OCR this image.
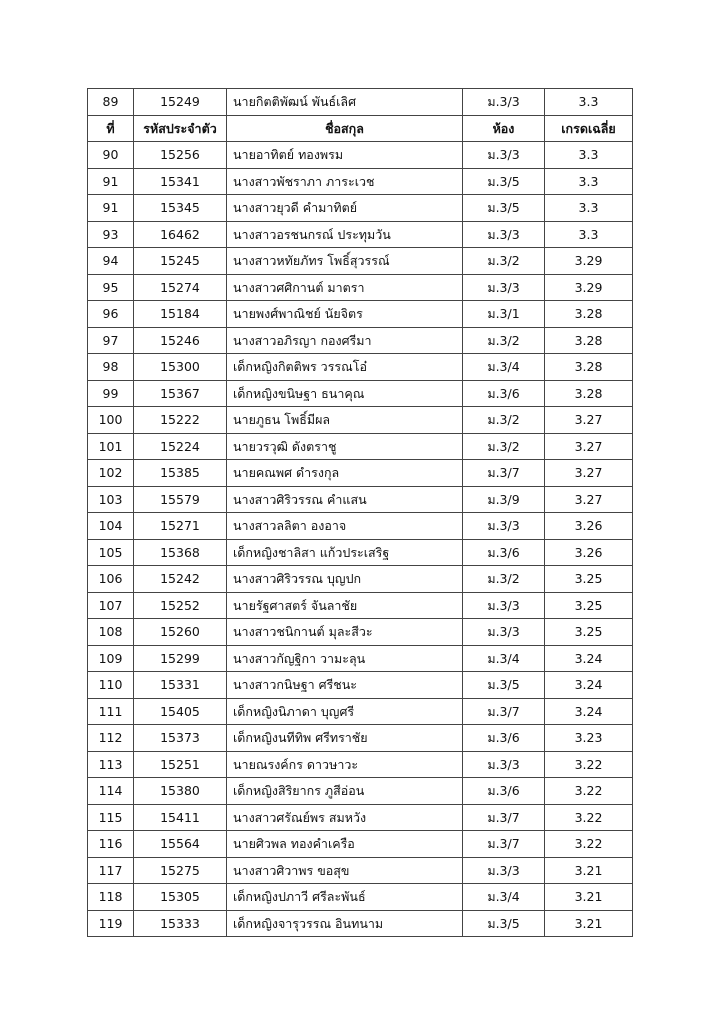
89	15249	นายกิตติพัฒน์ พันธ์เลิศ	ม.3/3	3.3
ที่	รหัสประจำตัว	ชื่อสกุล	ห้อง	เกรดเฉลี่ย
90	15256	นายอาทิตย์ ทองพรม	ม.3/3	3.3
91	15341	นางสาวพัชราภา ภาระเวช	ม.3/5	3.3
91	15345	นางสาวยุวดี คำมาทิตย์	ม.3/5	3.3
93	16462	นางสาวอรชนกรณ์ ประทุมวัน	ม.3/3	3.3
94	15245	นางสาวหทัยภัทร โพธิ์สุวรรณ์	ม.3/2	3.29
95	15274	นางสาวศศิกานต์ มาตรา	ม.3/3	3.29
96	15184	นายพงศ์พาณิชย์ นัยจิตร	ม.3/1	3.28
97	15246	นางสาวอภิรญา กองศรีมา	ม.3/2	3.28
98	15300	เด็กหญิงกิตติพร วรรณโอ๋	ม.3/4	3.28
99	15367	เด็กหญิงขนิษฐา ธนาคุณ	ม.3/6	3.28
100	15222	นายภูธน โพธิ์มีผล	ม.3/2	3.27
101	15224	นายวรวุฒิ ดังตราชู	ม.3/2	3.27
102	15385	นายคณพศ ดำรงกุล	ม.3/7	3.27
103	15579	นางสาวศิริวรรณ คำแสน	ม.3/9	3.27
104	15271	นางสาวลลิตา องอาจ	ม.3/3	3.26
105	15368	เด็กหญิงชาลิสา แก้วประเสริฐ	ม.3/6	3.26
106	15242	นางสาวศิริวรรณ บุญปก	ม.3/2	3.25
107	15252	นายรัฐศาสตร์ จันลาชัย	ม.3/3	3.25
108	15260	นางสาวชนิกานต์ มุละสีวะ	ม.3/3	3.25
109	15299	นางสาวกัญฐิกา วามะลุน	ม.3/4	3.24
110	15331	นางสาวกนิษฐา ศรีชนะ	ม.3/5	3.24
111	15405	เด็กหญิงนิภาดา บุญศรี	ม.3/7	3.24
112	15373	เด็กหญิงนทีทิพ ศรีทราชัย	ม.3/6	3.23
113	15251	นายณรงค์กร ดาวษาวะ	ม.3/3	3.22
114	15380	เด็กหญิงสิริยากร ภูสีอ่อน	ม.3/6	3.22
115	15411	นางสาวศรัณย์พร สมหวัง	ม.3/7	3.22
116	15564	นายศิวพล ทองคำเครือ	ม.3/7	3.22
117	15275	นางสาวศิวาพร ขอสุข	ม.3/3	3.21
118	15305	เด็กหญิงปภาวี ศรีละพันธ์	ม.3/4	3.21
119	15333	เด็กหญิงจารุวรรณ อินทนาม	ม.3/5	3.21
